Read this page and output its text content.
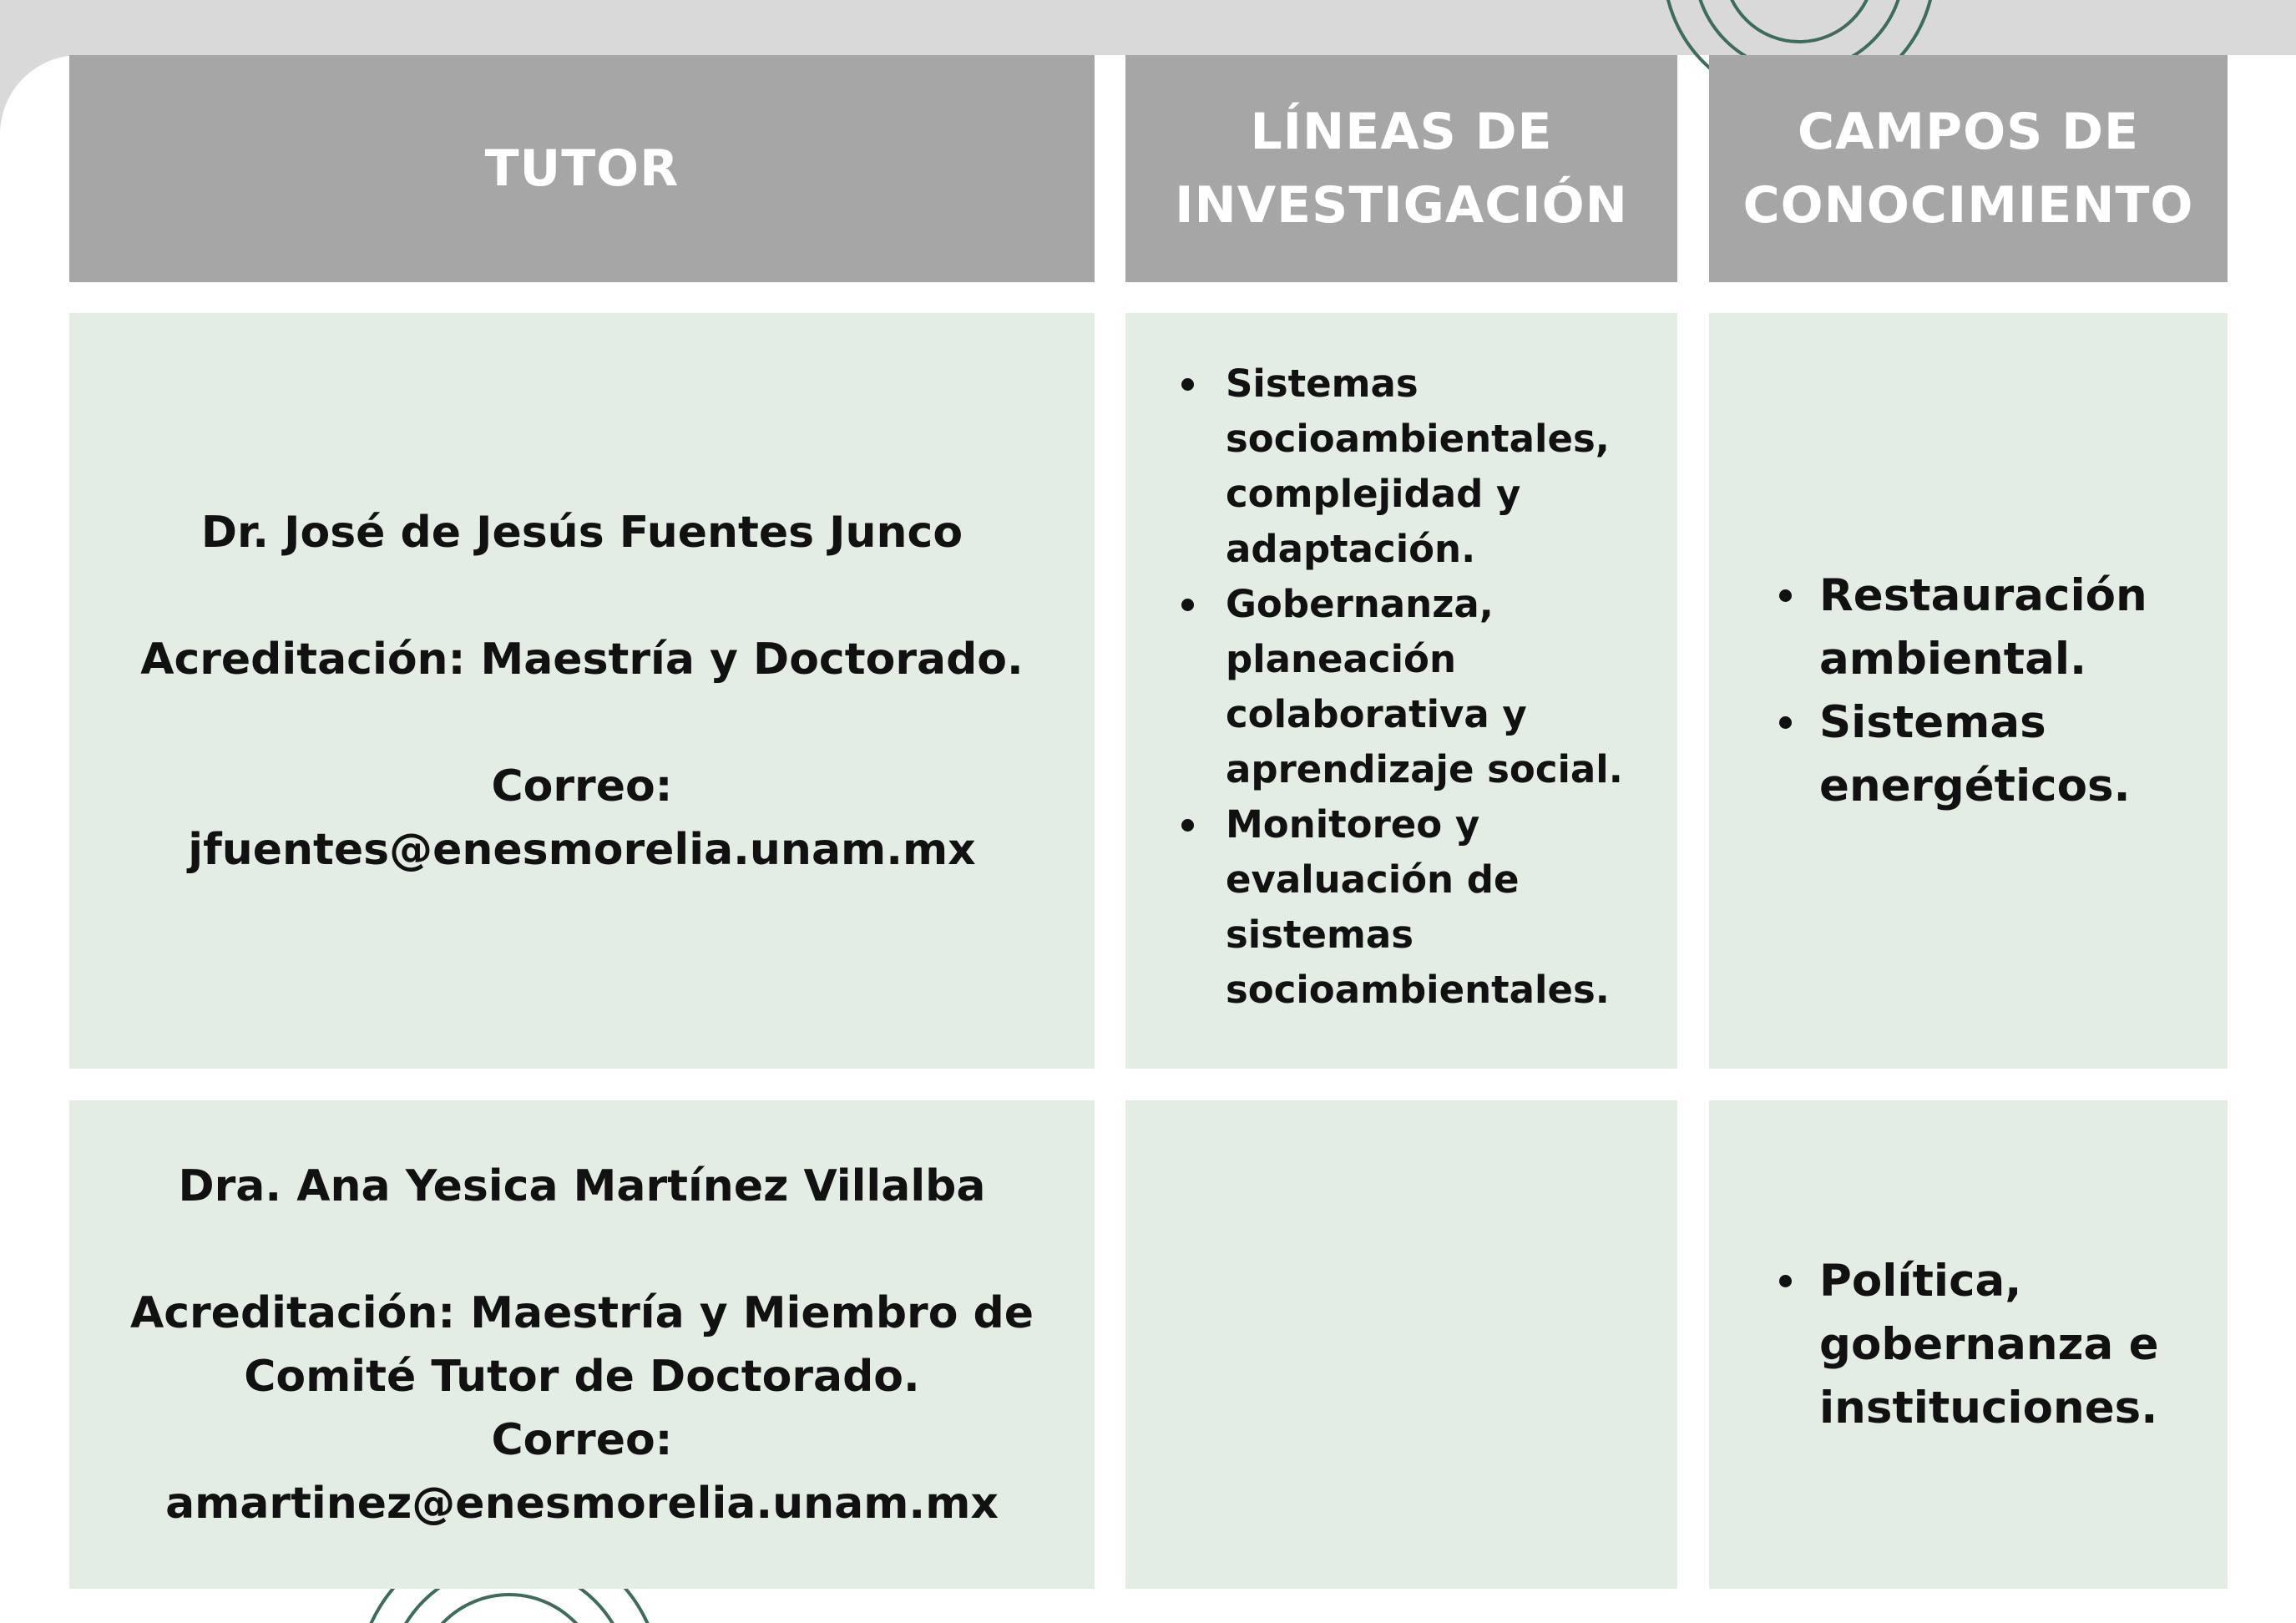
TUTOR
LÍNEAS DE
INVESTIGACIÓN
CAMPOS DE
CONOCIMIENTO
Dr. José de Jesús Fuentes Junco
Acreditación: Maestría y Doctorado.
Correo:
jfuentes@enesmorelia.unam.mx
Sistemas
socioambientales,
complejidad y
adaptación.
Gobernanza,
planeación
colaborativa y
aprendizaje social.
Monitoreo y
evaluación de
sistemas
socioambientales.
Restauración
ambiental.
Sistemas
energéticos.
Dra. Ana Yesica Martínez Villalba
Acreditación: Maestría y Miembro de
Comité Tutor de Doctorado.
Correo:
amartinez@enesmorelia.unam.mx
Política,
gobernanza e
instituciones.
